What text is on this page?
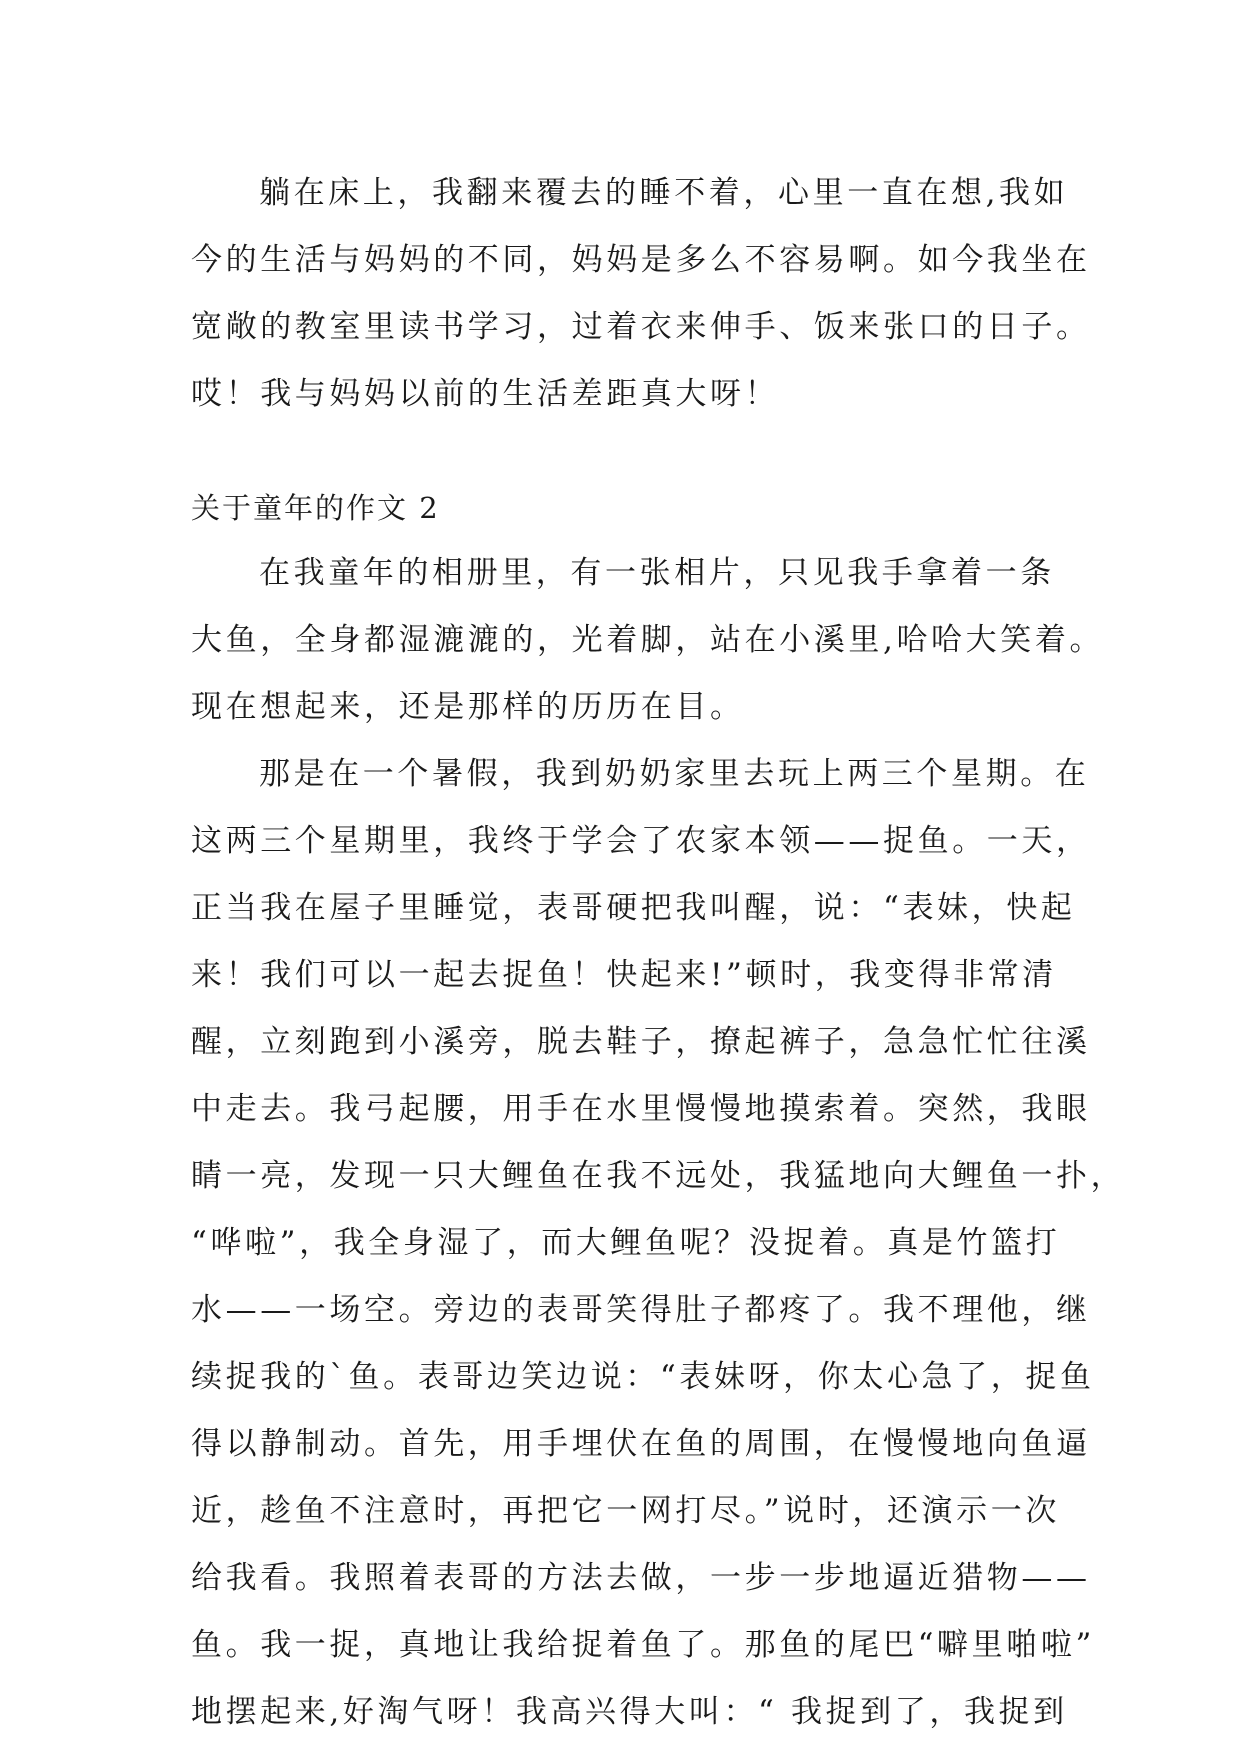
躺在床上，我翻来覆去的睡不着，心里一直在想,我如
今的生活与妈妈的不同，妈妈是多么不容易啊。如今我坐在
宽敞的教室里读书学习，过着衣来伸手、饭来张口的日子。
哎！我与妈妈以前的生活差距真大呀！
关于童年的作文 2
在我童年的相册里，有一张相片，只见我手拿着一条
大鱼，全身都湿漉漉的，光着脚，站在小溪里,哈哈大笑着。
现在想起来，还是那样的历历在目。
那是在一个暑假，我到奶奶家里去玩上两三个星期。在
这两三个星期里，我终于学会了农家本领——捉鱼。一天，
正当我在屋子里睡觉，表哥硬把我叫醒，说：“表妹，快起
来！我们可以一起去捉鱼！快起来!”顿时，我变得非常清
醒，立刻跑到小溪旁，脱去鞋子，撩起裤子，急急忙忙往溪
中走去。我弓起腰，用手在水里慢慢地摸索着。突然，我眼
睛一亮，发现一只大鲤鱼在我不远处，我猛地向大鲤鱼一扑，
“哗啦”，我全身湿了，而大鲤鱼呢？没捉着。真是竹篮打
水——一场空。旁边的表哥笑得肚子都疼了。我不理他，继
续捉我的`鱼。表哥边笑边说：“表妹呀，你太心急了，捉鱼
得以静制动。首先，用手埋伏在鱼的周围，在慢慢地向鱼逼
近，趁鱼不注意时，再把它一网打尽。”说时，还演示一次
给我看。我照着表哥的方法去做，一步一步地逼近猎物——
鱼。我一捉，真地让我给捉着鱼了。那鱼的尾巴“噼里啪啦”
地摆起来,好淘气呀！我高兴得大叫：“ 我捉到了，我捉到
